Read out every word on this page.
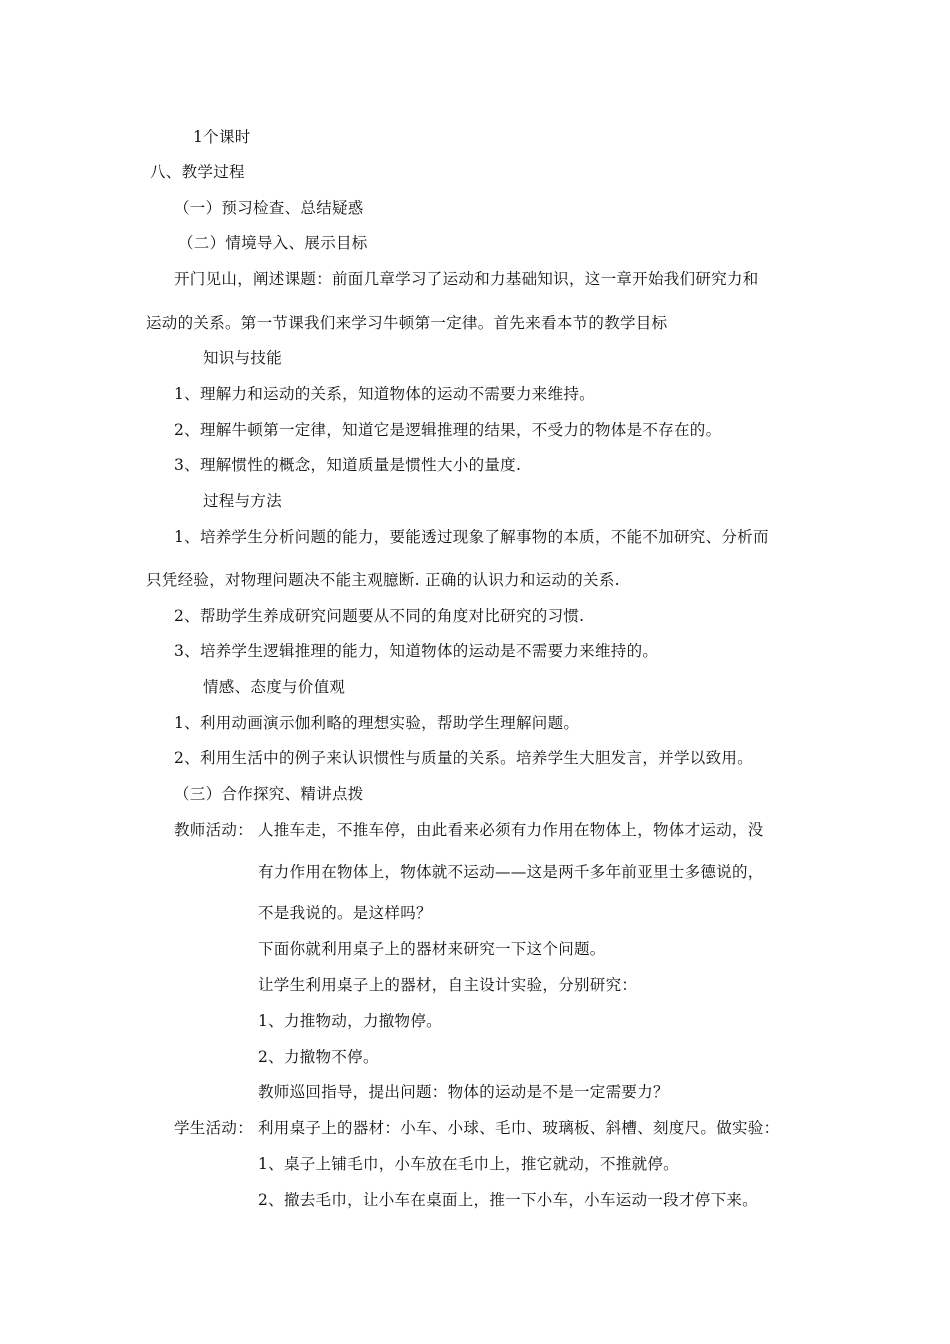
1个课时
八、教学过程
（一）预习检查、总结疑惑
（二）情境导入、展示目标
开门见山，阐述课题：前面几章学习了运动和力基础知识，这一章开始我们研究力和
运动的关系。第一节课我们来学习牛顿第一定律。首先来看本节的教学目标
知识与技能
1、理解力和运动的关系，知道物体的运动不需要力来维持。
2、理解牛顿第一定律，知道它是逻辑推理的结果，不受力的物体是不存在的。
3、理解惯性的概念，知道质量是惯性大小的量度.
过程与方法
1、培养学生分析问题的能力，要能透过现象了解事物的本质，不能不加研究、分析而
只凭经验，对物理问题决不能主观臆断. 正确的认识力和运动的关系.
2、帮助学生养成研究问题要从不同的角度对比研究的习惯.
3、培养学生逻辑推理的能力，知道物体的运动是不需要力来维持的。
情感、态度与价值观
1、利用动画演示伽利略的理想实验，帮助学生理解问题。
2、利用生活中的例子来认识惯性与质量的关系。培养学生大胆发言，并学以致用。
（三）合作探究、精讲点拨
教师活动： 人推车走，不推车停，由此看来必须有力作用在物体上，物体才运动，没
有力作用在物体上，物体就不运动——这是两千多年前亚里士多德说的，
不是我说的。是这样吗？
下面你就利用桌子上的器材来研究一下这个问题。
让学生利用桌子上的器材，自主设计实验，分别研究：
1、力推物动，力撤物停。
2、力撤物不停。
教师巡回指导，提出问题：物体的运动是不是一定需要力？
学生活动： 利用桌子上的器材：小车、小球、毛巾、玻璃板、斜槽、刻度尺。做实验：
1、桌子上铺毛巾，小车放在毛巾上，推它就动，不推就停。
2、撤去毛巾，让小车在桌面上，推一下小车，小车运动一段才停下来。
